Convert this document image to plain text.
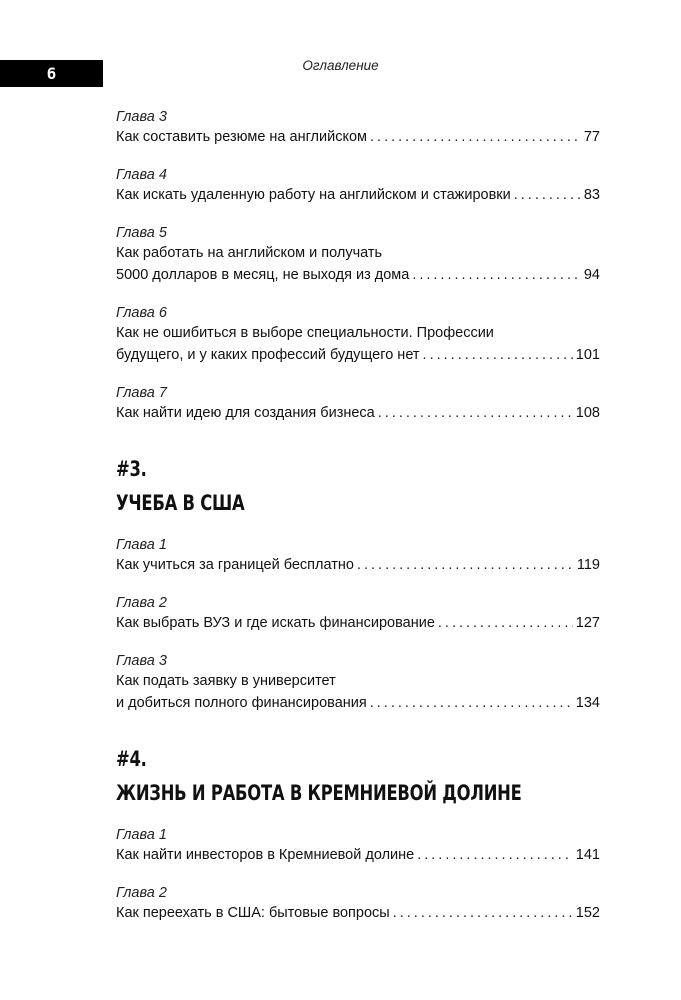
6	Оглавление
Глава 3
Как составить резюме на английском .....	77
Глава 4
Как искать удаленную работу на английском и стажировки .....	83
Глава 5
Как работать на английском и получать
5000 долларов в месяц, не выходя из дома .....	94
Глава 6
Как не ошибиться в выборе специальности. Профессии
будущего, и у каких профессий будущего нет .....	101
Глава 7
Как найти идею для создания бизнеса .....	108
#3.
УЧЕБА В США
Глава 1
Как учиться за границей бесплатно .....	119
Глава 2
Как выбрать ВУЗ и где искать финансирование .....	127
Глава 3
Как подать заявку в университет
и добиться полного финансирования .....	134
#4.
ЖИЗНЬ И РАБОТА В КРЕМНИЕВОЙ ДОЛИНЕ
Глава 1
Как найти инвесторов в Кремниевой долине .....	141
Глава 2
Как переехать в США: бытовые вопросы .....	152
